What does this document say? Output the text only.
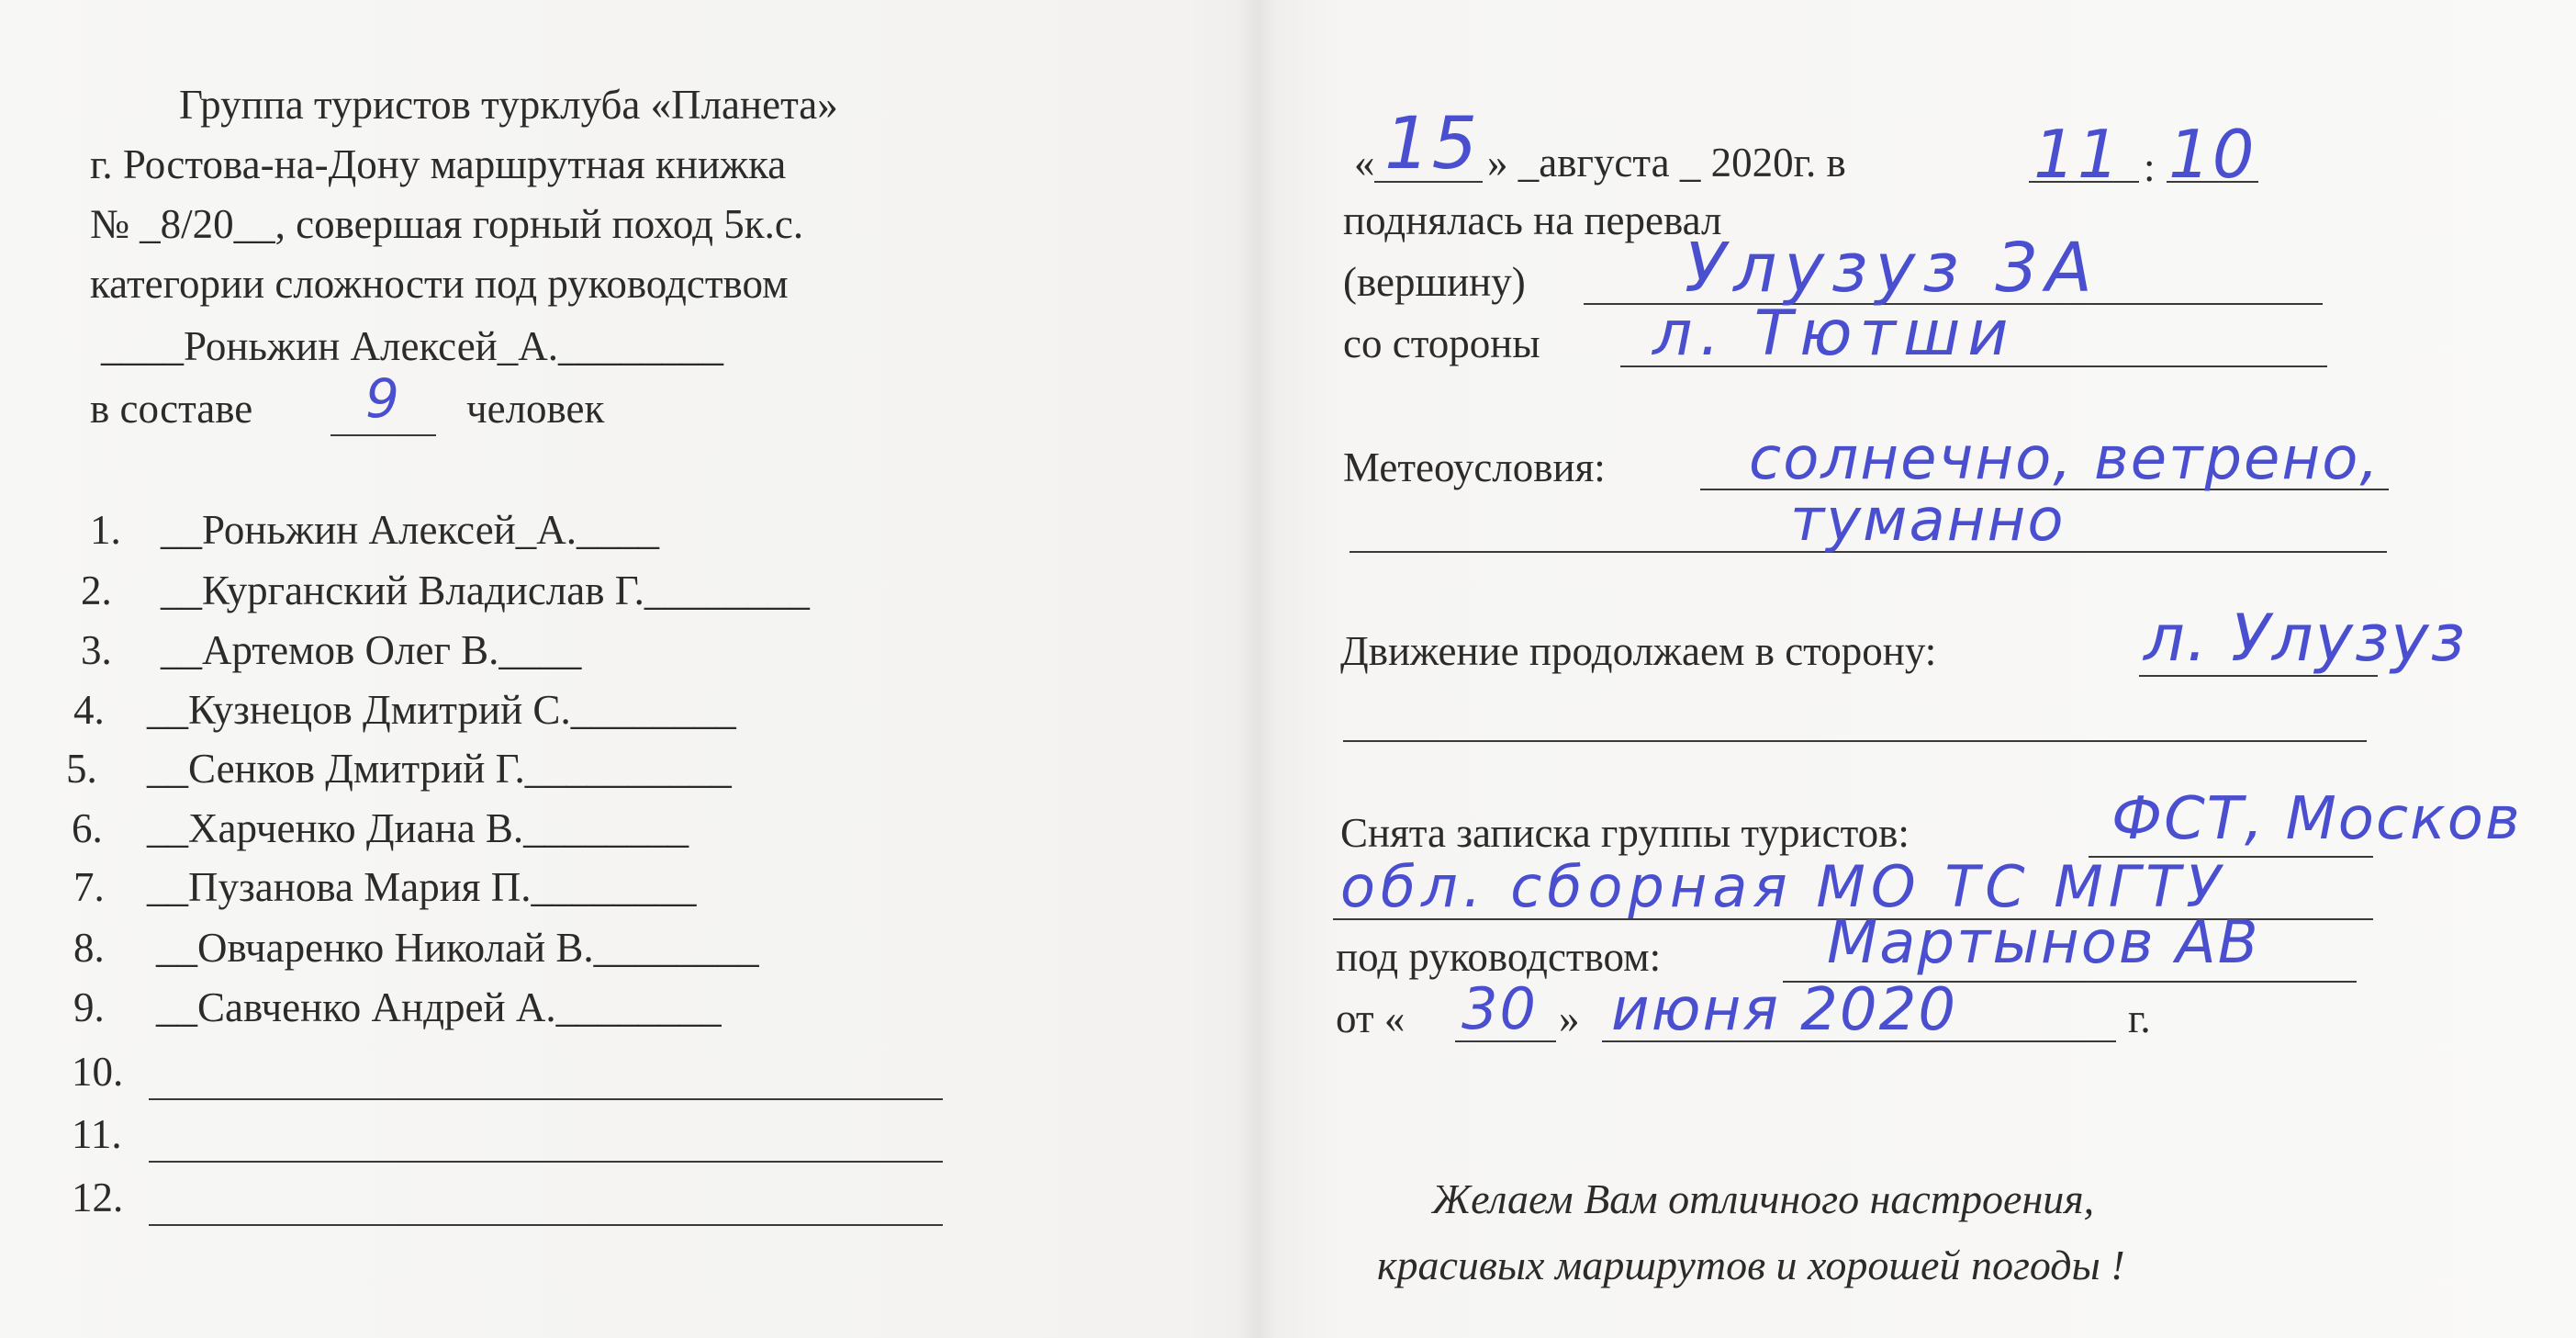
Группа туристов турклуба «Планета»
г. Ростова-на-Дону маршрутная книжка
№ _8/20__, совершая горный поход 5к.с.
категории сложности под руководством
____Роньжин Алексей_А.________
в составе 9 человек
1. __Роньжин Алексей_А.____
2. __Курганский Владислав Г.________
3. __Артемов Олег В.____
4. __Кузнецов Дмитрий С.________
5. __Сенков Дмитрий Г.__________
6. __Харченко Диана В.________
7. __Пузанова Мария П.________
8. __Овчаренко Николай В.________
9. __Савченко Андрей А.________
10.
11.
12.
« 15 » _августа _ 2020г. в	11 : 10
поднялась на перевал
(вершину) Улузуз 3А
со стороны л. Тютши
Метеоусловия: солнечно, ветрено,
туманно
Движение продолжаем в сторону:	л. Улузуз
Снята записка группы туристов:	ФСТ, Москов
обл. сборная МО ТС МГТУ
под руководством:	Мартынов АВ
от « 30 » июня 2020	г.
Желаем Вам отличного настроения,
красивых маршрутов и хорошей погоды !
